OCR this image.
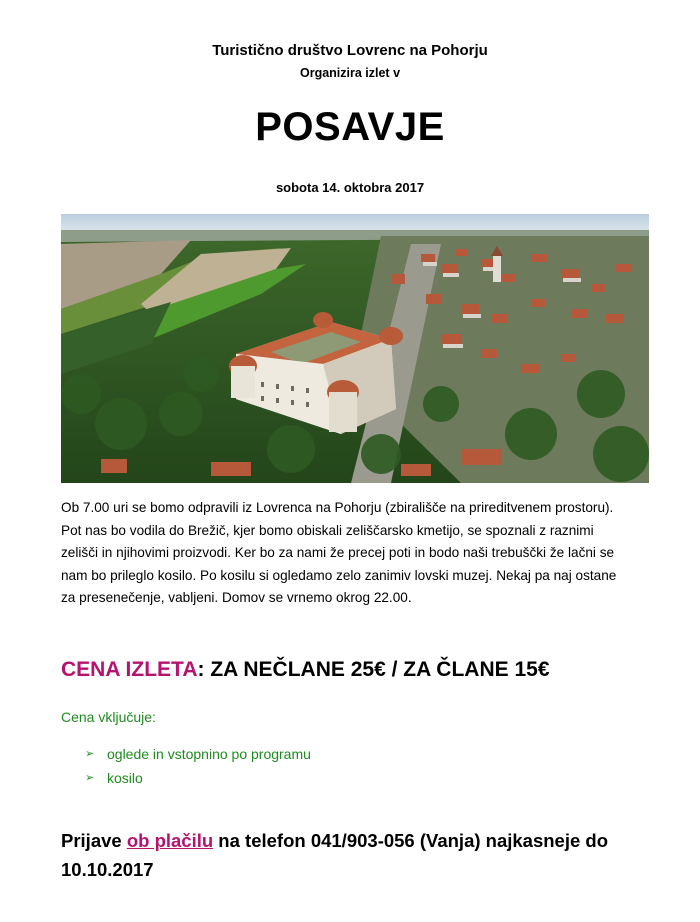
Turistično društvo Lovrenc na Pohorju
Organizira izlet v
POSAVJE
sobota 14. oktobra 2017
Ob 7.00 uri se bomo odpravili iz Lovrenca na Pohorju (zbirališče na prireditvenem prostoru).
Pot nas bo vodila do Brežič, kjer bomo obiskali zeliščarsko kmetijo, se spoznali z raznimi
zelišči in njihovimi proizvodi. Ker bo za nami že precej poti in bodo naši trebuščki že lačni se
nam bo prileglo kosilo. Po kosilu si ogledamo zelo zanimiv lovski muzej. Nekaj pa naj ostane
za presenečenje, vabljeni. Domov se vrnemo okrog 22.00.
CENA IZLETA: ZA NEČLANE 25€ / ZA ČLANE 15€
Cena vključuje:
➢ oglede in vstopnino po programu
➢ kosilo
Prijave ob plačilu na telefon 041/903-056 (Vanja) najkasneje do
10.10.2017
